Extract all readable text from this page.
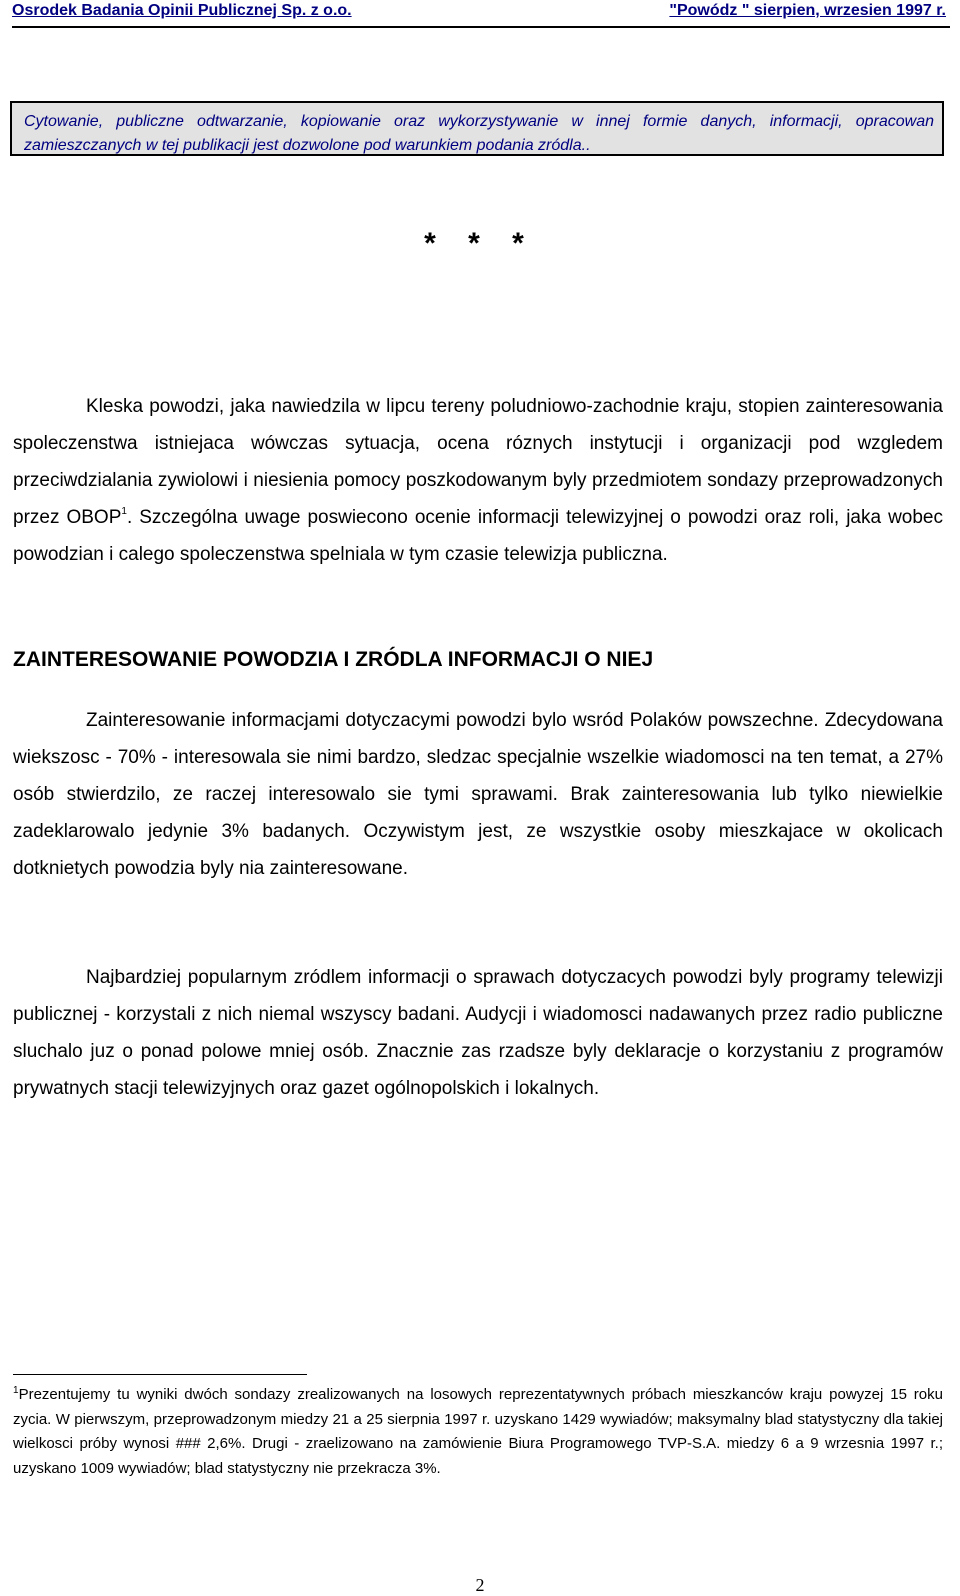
Osrodek Badania Opinii Publicznej Sp. z o.o.	"Powódz " sierpien, wrzesien 1997 r.
Cytowanie, publiczne odtwarzanie, kopiowanie oraz wykorzystywanie w innej formie danych, informacji, opracowan zamieszczanych w tej publikacji jest dozwolone pod warunkiem podania zródla..
* * *

Kleska powodzi, jaka nawiedzila w lipcu tereny poludniowo-zachodnie kraju, stopien zainteresowania spoleczenstwa istniejaca wówczas sytuacja, ocena róznych instytucji i organizacji pod wzgledem przeciwdzialania zywiolowi i niesienia pomocy poszkodowanym byly przedmiotem sondazy przeprowadzonych przez OBOP$^1$. Szczególna uwage poswiecono ocenie informacji telewizyjnej o powodzi oraz roli, jaka wobec powodzian i calego spoleczenstwa spelniala w tym czasie telewizja publiczna.

ZAINTERESOWANIE POWODZIA I ZRÓDLA INFORMACJI O NIEJ

Zainteresowanie informacjami dotyczacymi powodzi bylo wsród Polaków powszechne. Zdecydowana wiekszosc - 70% - interesowala sie nimi bardzo, sledzac specjalnie wszelkie wiadomosci na ten temat, a 27% osób stwierdzilo, ze raczej interesowalo sie tymi sprawami. Brak zainteresowania lub tylko niewielkie zadeklarowalo jedynie 3% badanych. Oczywistym jest, ze wszystkie osoby mieszkajace w okolicach dotknietych powodzia byly nia zainteresowane.

Najbardziej popularnym zródlem informacji o sprawach dotyczacych powodzi byly programy telewizji publicznej - korzystali z nich niemal wszyscy badani. Audycji i wiadomosci nadawanych przez radio publiczne sluchalo juz o ponad polowe mniej osób. Znacznie zas rzadsze byly deklaracje o korzystaniu z programów prywatnych stacji telewizyjnych oraz gazet ogólnopolskich i lokalnych.

$^1$Prezentujemy tu wyniki dwóch sondazy zrealizowanych na losowych reprezentatywnych próbach mieszkanców kraju powyzej 15 roku zycia. W pierwszym, przeprowadzonym miedzy 21 a 25 sierpnia 1997 r. uzyskano 1429 wywiadów; maksymalny blad statystyczny dla takiej wielkosci próby wynosi ### 2,6%. Drugi - zraelizowano na zamówienie Biura Programowego TVP-S.A. miedzy 6 a 9 wrzesnia 1997 r.; uzyskano 1009 wywiadów; blad statystyczny nie przekracza 3%.

2
